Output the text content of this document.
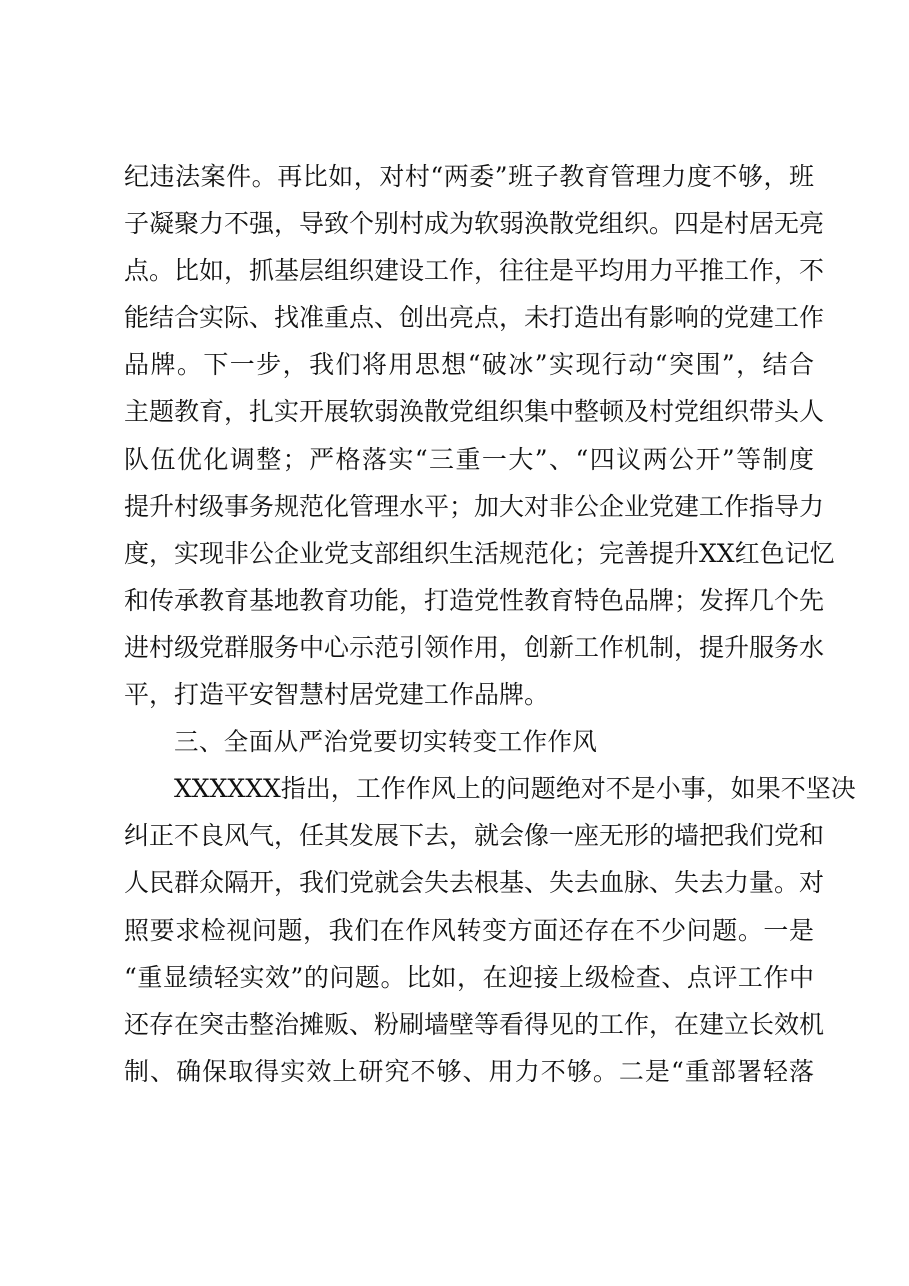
纪违法案件。再比如，对村“两委”班子教育管理力度不够，班
子凝聚力不强，导致个别村成为软弱涣散党组织。四是村居无亮
点。比如，抓基层组织建设工作，往往是平均用力平推工作，不
能结合实际、找准重点、创出亮点，未打造出有影响的党建工作
品牌。下一步，我们将用思想“破冰”实现行动“突围”，结合
主题教育，扎实开展软弱涣散党组织集中整顿及村党组织带头人
队伍优化调整；严格落实“三重一大”、“四议两公开”等制度
提升村级事务规范化管理水平；加大对非公企业党建工作指导力
度，实现非公企业党支部组织生活规范化；完善提升XX红色记忆
和传承教育基地教育功能，打造党性教育特色品牌；发挥几个先
进村级党群服务中心示范引领作用，创新工作机制，提升服务水
平，打造平安智慧村居党建工作品牌。
三、全面从严治党要切实转变工作作风
XXXXXX指出，工作作风上的问题绝对不是小事，如果不坚决
纠正不良风气，任其发展下去，就会像一座无形的墙把我们党和
人民群众隔开，我们党就会失去根基、失去血脉、失去力量。对
照要求检视问题，我们在作风转变方面还存在不少问题。一是
“重显绩轻实效”的问题。比如，在迎接上级检查、点评工作中
还存在突击整治摊贩、粉刷墙壁等看得见的工作，在建立长效机
制、确保取得实效上研究不够、用力不够。二是“重部署轻落
